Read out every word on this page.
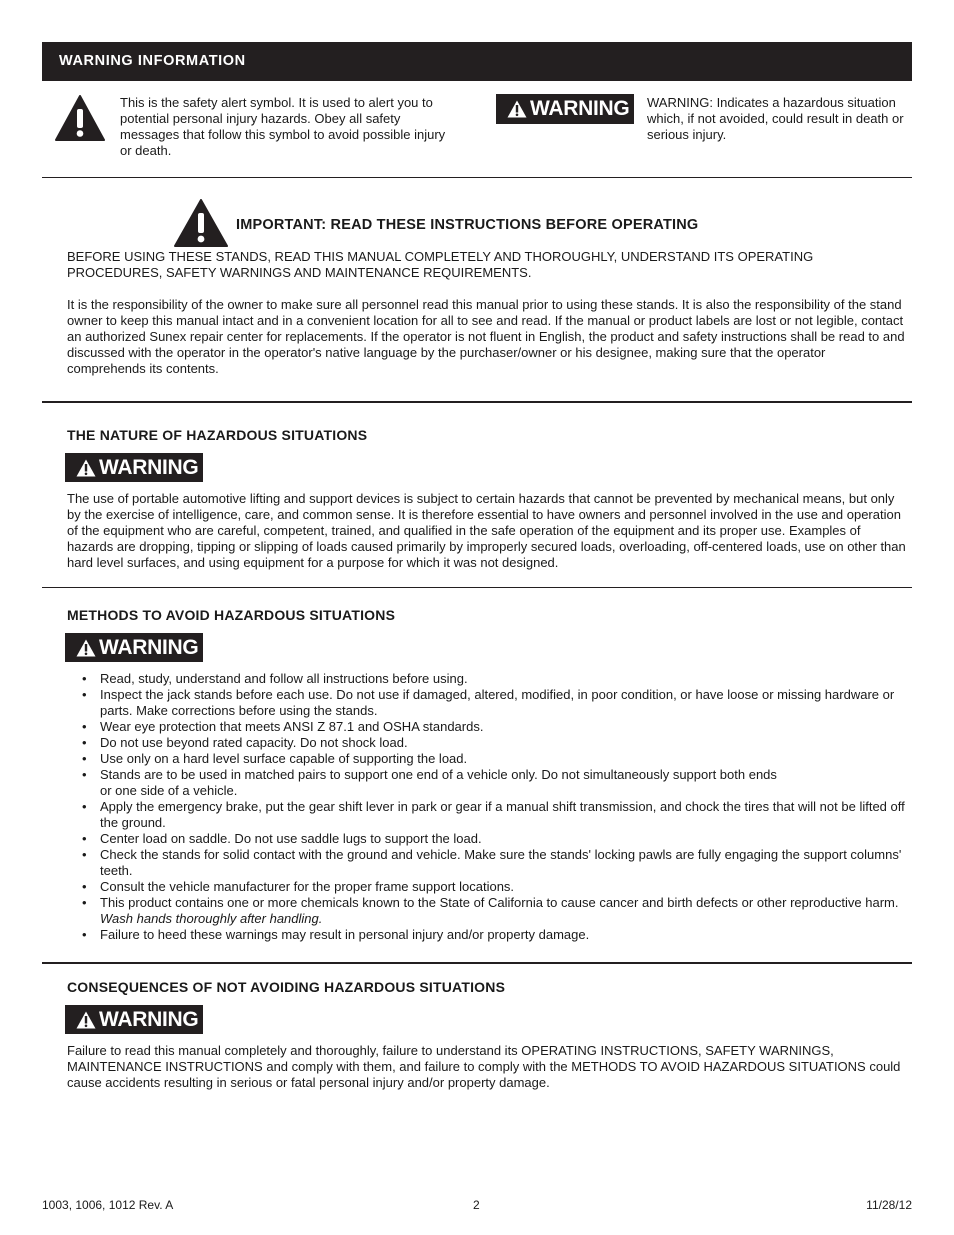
WARNING INFORMATION
This is the safety alert symbol. It is used to alert you to potential personal injury hazards. Obey all safety messages that follow this symbol to avoid possible injury or death.
WARNING WARNING: Indicates a hazardous situation which, if not avoided, could result in death or serious injury.
IMPORTANT: READ THESE INSTRUCTIONS BEFORE OPERATING
BEFORE USING THESE STANDS, READ THIS MANUAL COMPLETELY AND THOROUGHLY, UNDERSTAND ITS OPERATING PROCEDURES, SAFETY WARNINGS AND MAINTENANCE REQUIREMENTS.
It is the responsibility of the owner to make sure all personnel read this manual prior to using these stands. It is also the responsibility of the stand owner to keep this manual intact and in a convenient location for all to see and read. If the manual or product labels are lost or not legible, contact an authorized Sunex repair center for replacements. If the operator is not fluent in English, the product and safety instructions shall be read to and discussed with the operator in the operator's native language by the purchaser/owner or his designee, making sure that the operator comprehends its contents.
THE NATURE OF HAZARDOUS SITUATIONS
WARNING
The use of portable automotive lifting and support devices is subject to certain hazards that cannot be prevented by mechanical means, but only by the exercise of intelligence, care, and common sense. It is therefore essential to have owners and personnel involved in the use and operation of the equipment who are careful, competent, trained, and qualified in the safe operation of the equipment and its proper use. Examples of hazards are dropping, tipping or slipping of loads caused primarily by improperly secured loads, overloading, off-centered loads, use on other than hard level surfaces, and using equipment for a purpose for which it was not designed.
METHODS TO AVOID HAZARDOUS SITUATIONS
WARNING
• Read, study, understand and follow all instructions before using.
• Inspect the jack stands before each use. Do not use if damaged, altered, modified, in poor condition, or have loose or missing hardware or parts. Make corrections before using the stands.
• Wear eye protection that meets ANSI Z 87.1 and OSHA standards.
• Do not use beyond rated capacity. Do not shock load.
• Use only on a hard level surface capable of supporting the load.
• Stands are to be used in matched pairs to support one end of a vehicle only. Do not simultaneously support both ends
or one side of a vehicle.
• Apply the emergency brake, put the gear shift lever in park or gear if a manual shift transmission, and chock the tires that will not be lifted off the ground.
• Center load on saddle. Do not use saddle lugs to support the load.
• Check the stands for solid contact with the ground and vehicle. Make sure the stands' locking pawls are fully engaging the support columns' teeth.
• Consult the vehicle manufacturer for the proper frame support locations.
• This product contains one or more chemicals known to the State of California to cause cancer and birth defects or other reproductive harm. Wash hands thoroughly after handling.
• Failure to heed these warnings may result in personal injury and/or property damage.
CONSEQUENCES OF NOT AVOIDING HAZARDOUS SITUATIONS
WARNING
Failure to read this manual completely and thoroughly, failure to understand its OPERATING INSTRUCTIONS, SAFETY WARNINGS, MAINTENANCE INSTRUCTIONS and comply with them, and failure to comply with the METHODS TO AVOID HAZARDOUS SITUATIONS could cause accidents resulting in serious or fatal personal injury and/or property damage.
1003, 1006, 1012 Rev. A	2	11/28/12
